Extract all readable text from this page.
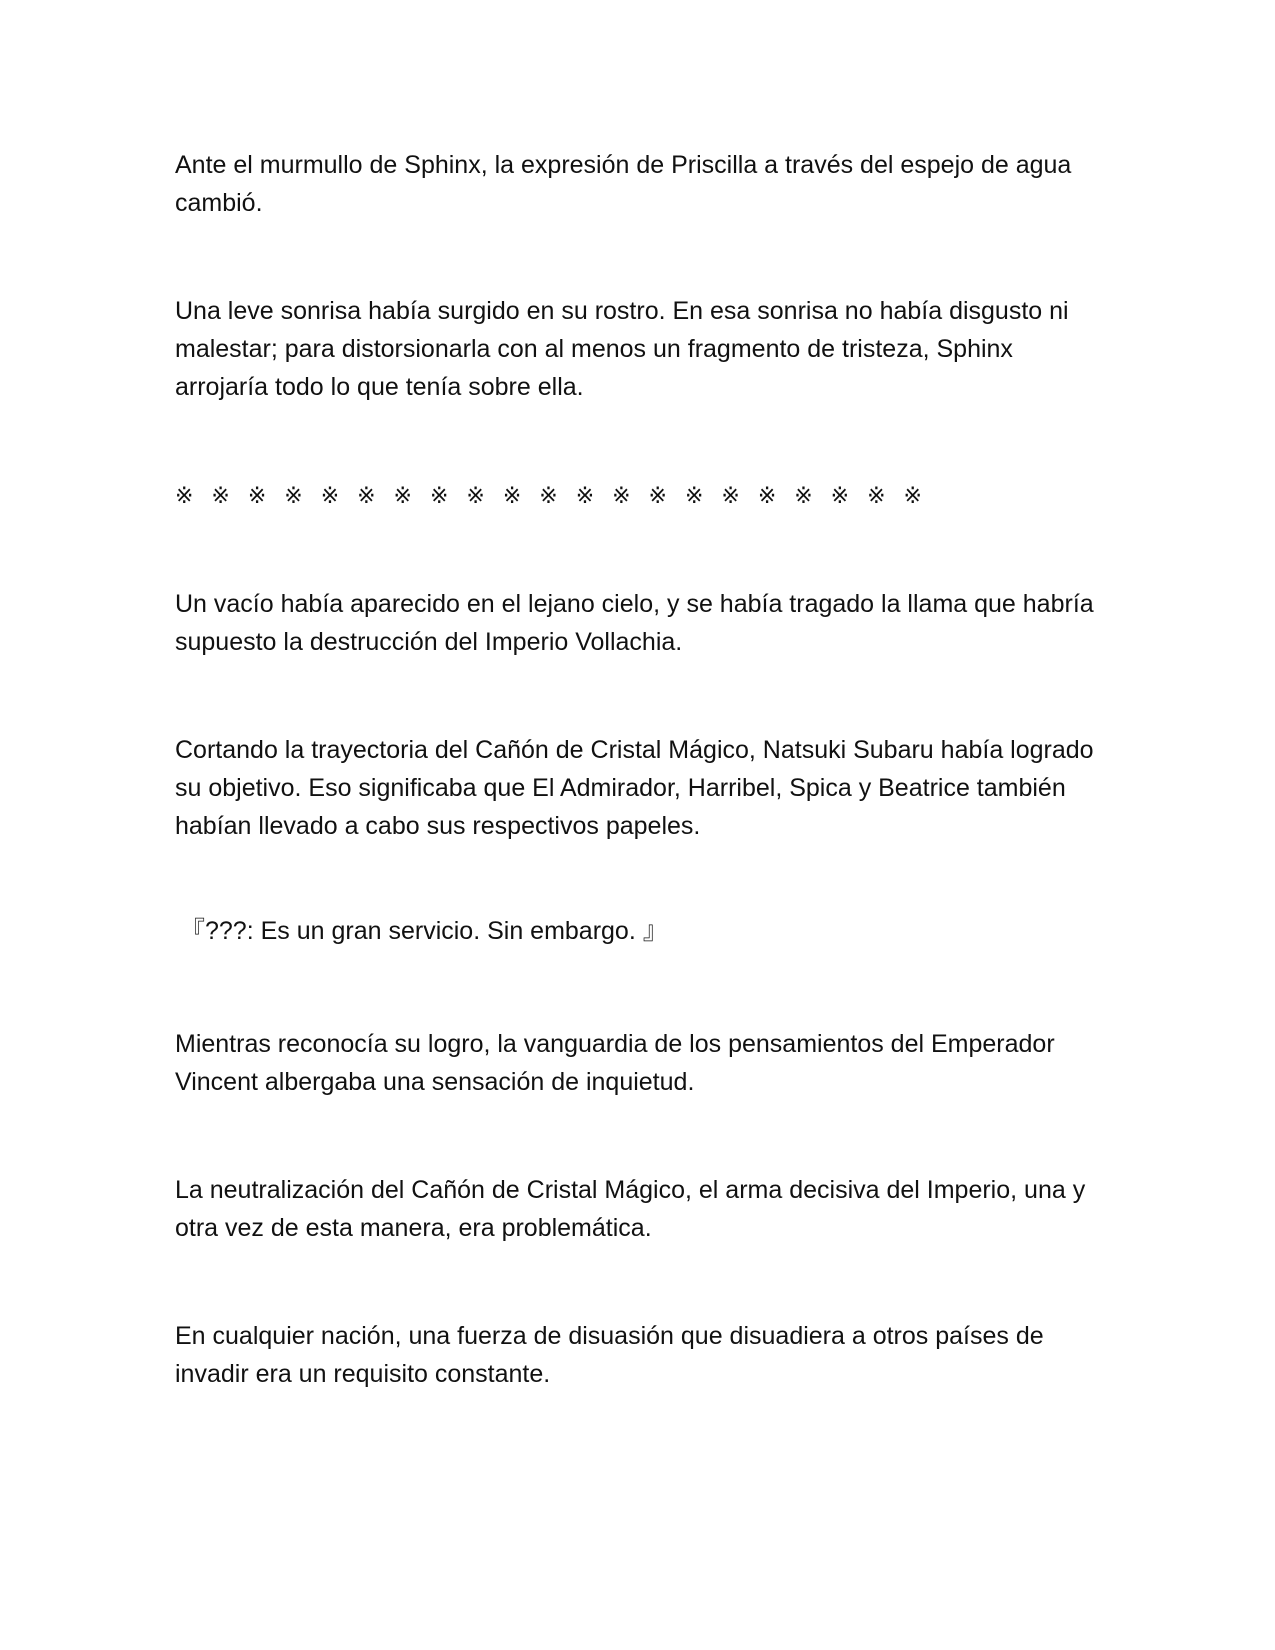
Ante el murmullo de Sphinx, la expresión de Priscilla a través del espejo de agua cambió.

Una leve sonrisa había surgido en su rostro. En esa sonrisa no había disgusto ni malestar; para distorsionarla con al menos un fragmento de tristeza, Sphinx arrojaría todo lo que tenía sobre ella.

※ ※ ※ ※ ※ ※ ※ ※ ※ ※ ※ ※ ※ ※ ※ ※ ※ ※ ※ ※ ※

Un vacío había aparecido en el lejano cielo, y se había tragado la llama que habría supuesto la destrucción del Imperio Vollachia.

Cortando la trayectoria del Cañón de Cristal Mágico, Natsuki Subaru había logrado su objetivo. Eso significaba que El Admirador, Harribel, Spica y Beatrice también habían llevado a cabo sus respectivos papeles.

『???: Es un gran servicio. Sin embargo. 』

Mientras reconocía su logro, la vanguardia de los pensamientos del Emperador Vincent albergaba una sensación de inquietud.

La neutralización del Cañón de Cristal Mágico, el arma decisiva del Imperio, una y otra vez de esta manera, era problemática.

En cualquier nación, una fuerza de disuasión que disuadiera a otros países de invadir era un requisito constante.
